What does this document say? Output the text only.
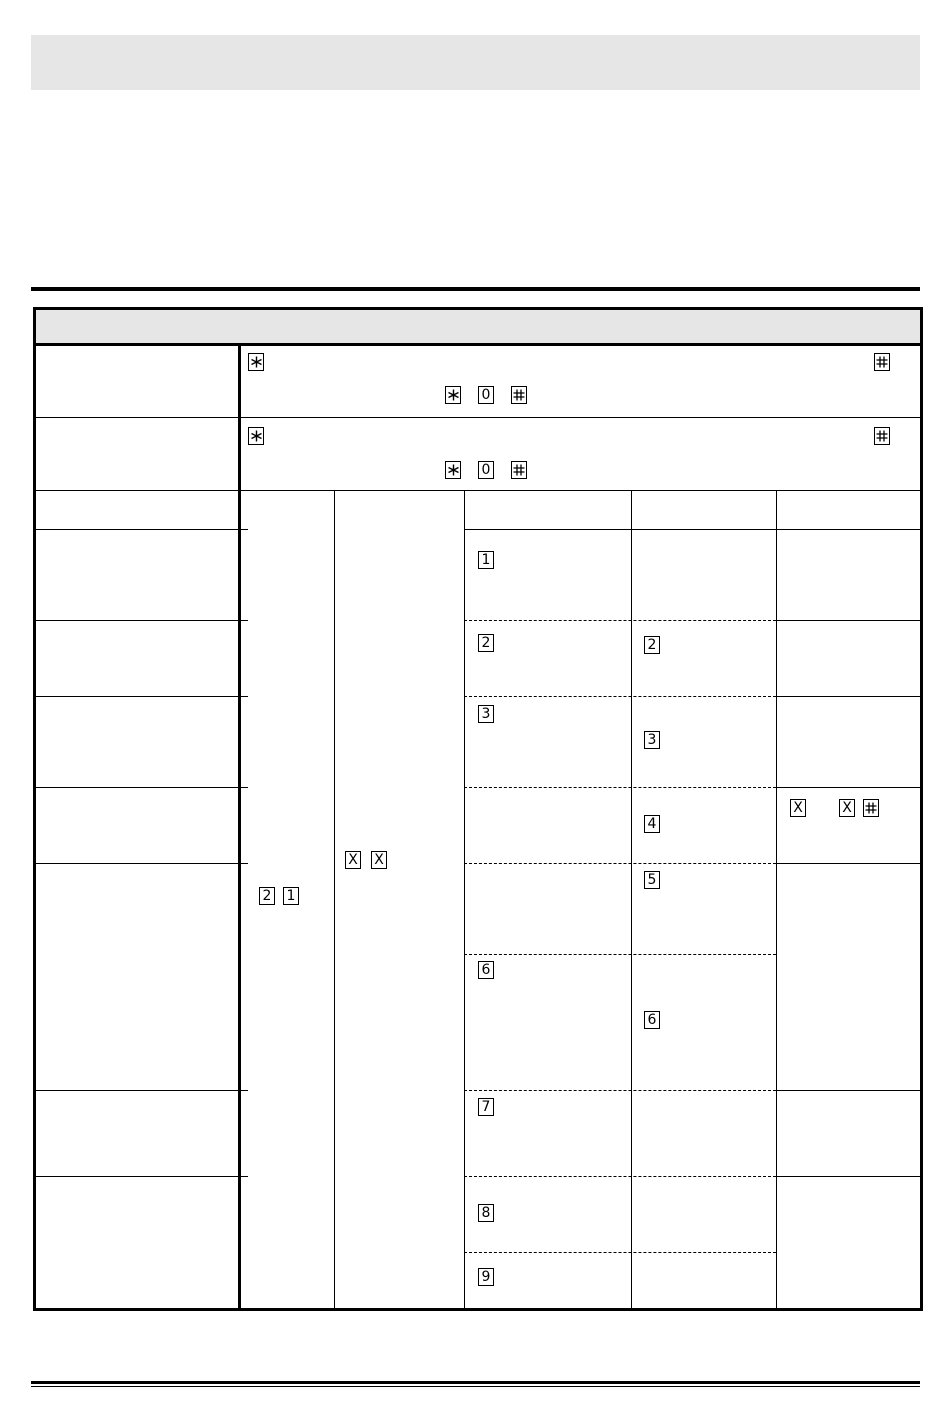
0
0
2 1
X X
1
2
3
6
7
8
9
2
3
4
5
6
X	X
